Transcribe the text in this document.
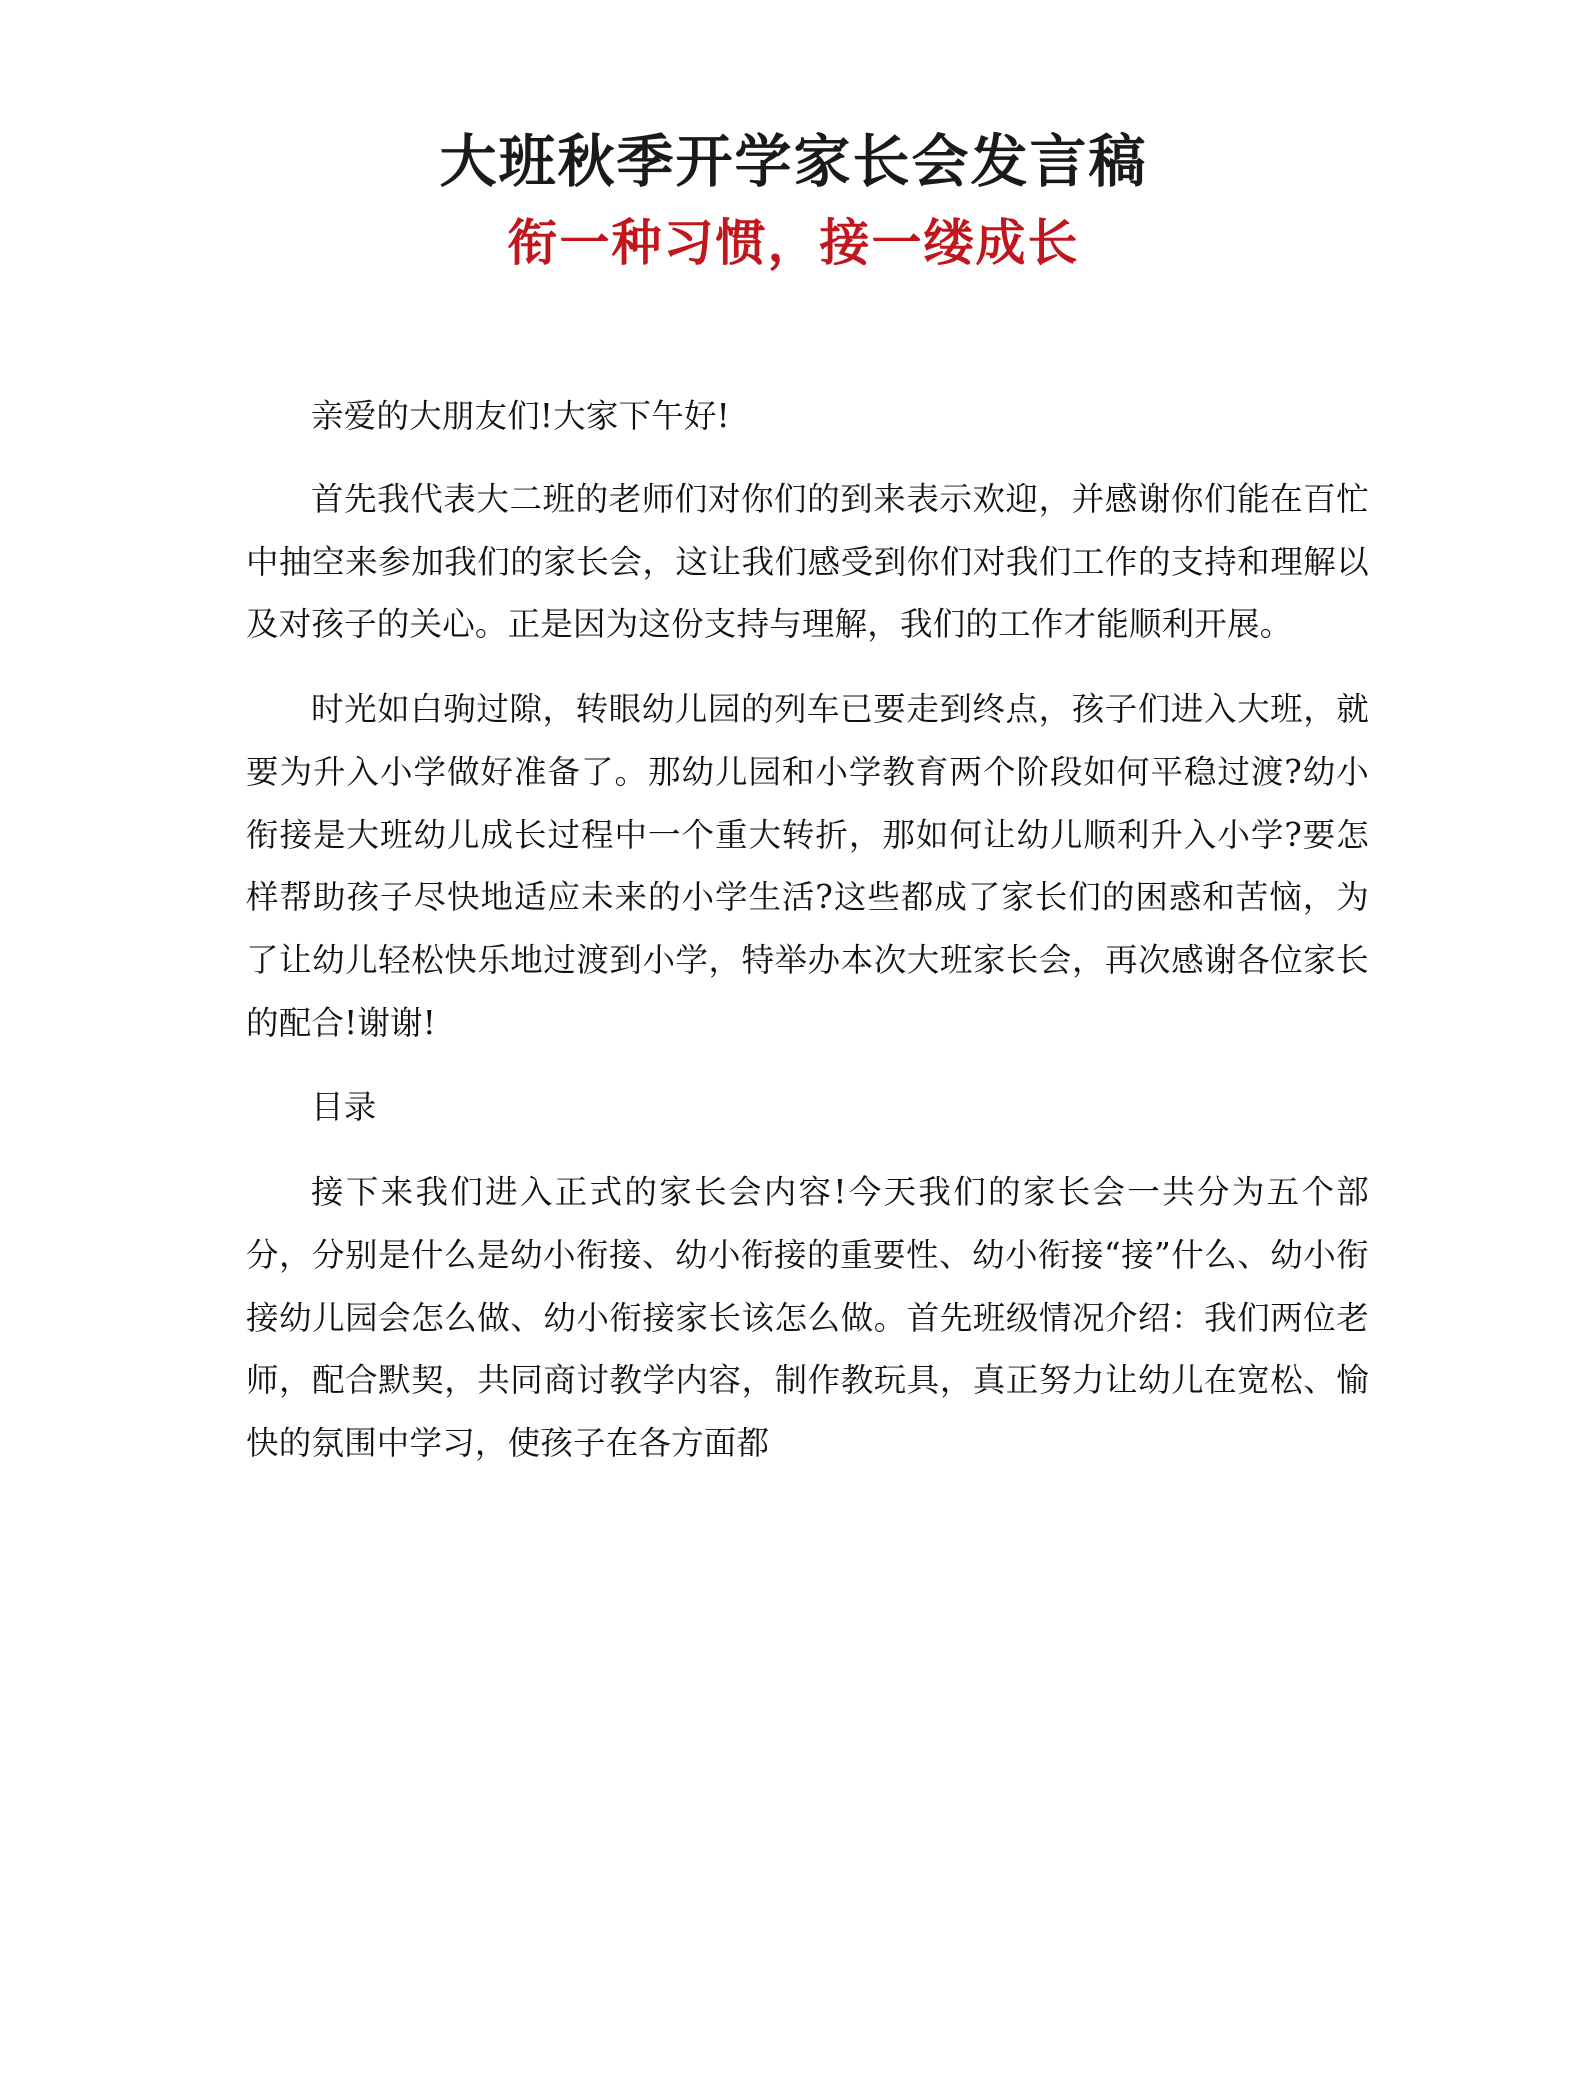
大班秋季开学家长会发言稿
衔一种习惯，接一缕成长

亲爱的大朋友们!大家下午好!

首先我代表大二班的老师们对你们的到来表示欢迎，并感谢你们能在百忙中抽空来参加我们的家长会，这让我们感受到你们对我们工作的支持和理解以及对孩子的关心。正是因为这份支持与理解，我们的工作才能顺利开展。

时光如白驹过隙，转眼幼儿园的列车已要走到终点，孩子们进入大班，就要为升入小学做好准备了。那幼儿园和小学教育两个阶段如何平稳过渡?幼小衔接是大班幼儿成长过程中一个重大转折，那如何让幼儿顺利升入小学?要怎样帮助孩子尽快地适应未来的小学生活?这些都成了家长们的困惑和苦恼，为了让幼儿轻松快乐地过渡到小学，特举办本次大班家长会，再次感谢各位家长的配合!谢谢!

目录

接下来我们进入正式的家长会内容!今天我们的家长会一共分为五个部分，分别是什么是幼小衔接、幼小衔接的重要性、幼小衔接“接”什么、幼小衔接幼儿园会怎么做、幼小衔接家长该怎么做。首先班级情况介绍：我们两位老师，配合默契，共同商讨教学内容，制作教玩具，真正努力让幼儿在宽松、愉快的氛围中学习，使孩子在各方面都
